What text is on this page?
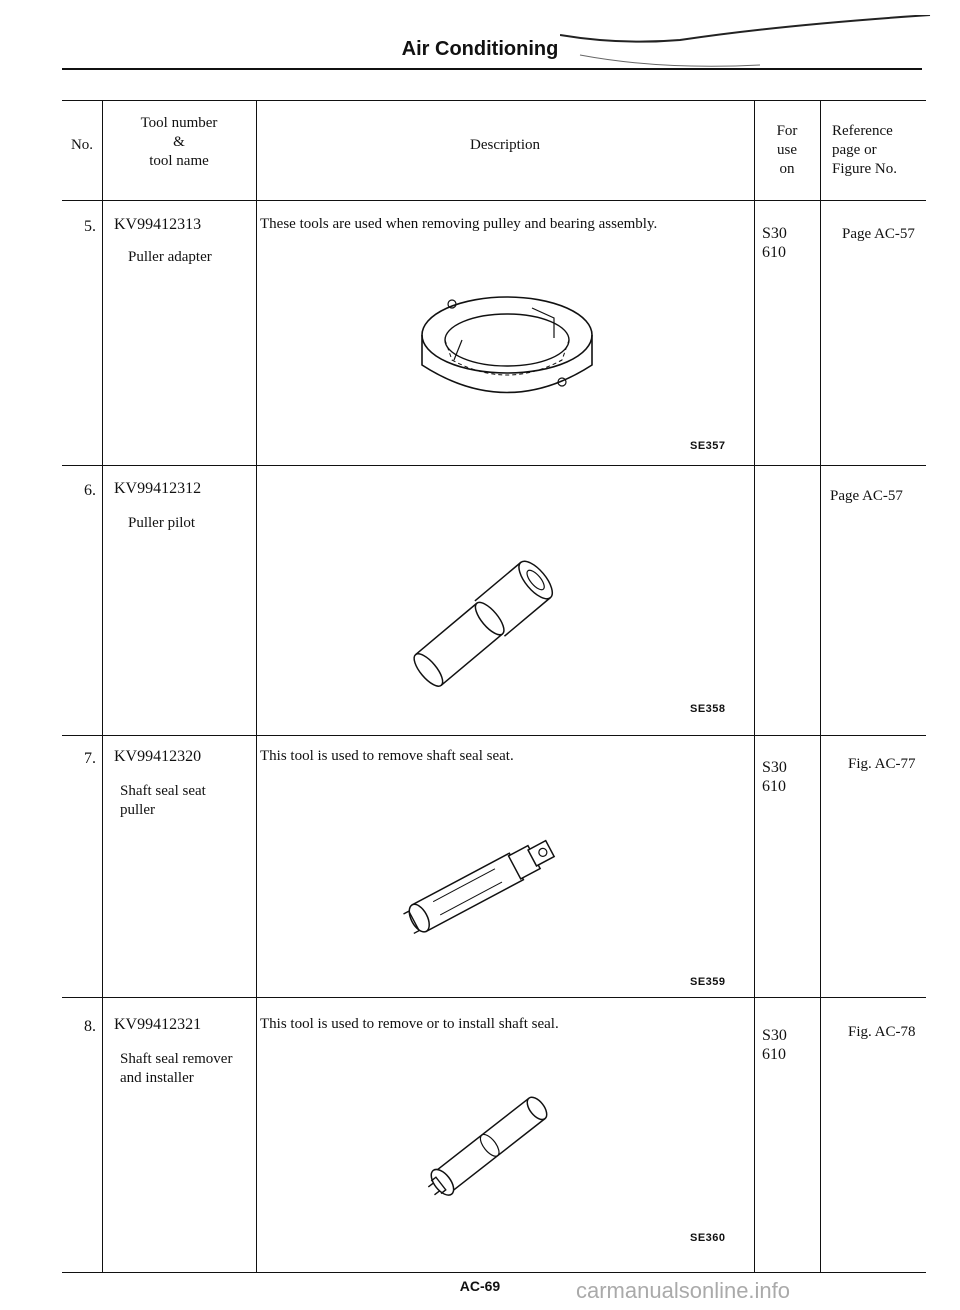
Air Conditioning
No.
Tool number
&
tool name
Description
For
use
on
Reference
page or
Figure No.
5. KV99412313
Puller adapter
These tools are used when removing pulley and bearing assembly.
S30
610
Page AC-57
SE357
6. KV99412312
Puller pilot
Page AC-57
SE358
7. KV99412320
Shaft seal seat
puller
This tool is used to remove shaft seal seat.
S30
610
Fig. AC-77
SE359
8. KV99412321
Shaft seal remover
and installer
This tool is used to remove or to install shaft seal.
S30
610
Fig. AC-78
SE360
AC-69	carmanualsonline.info
